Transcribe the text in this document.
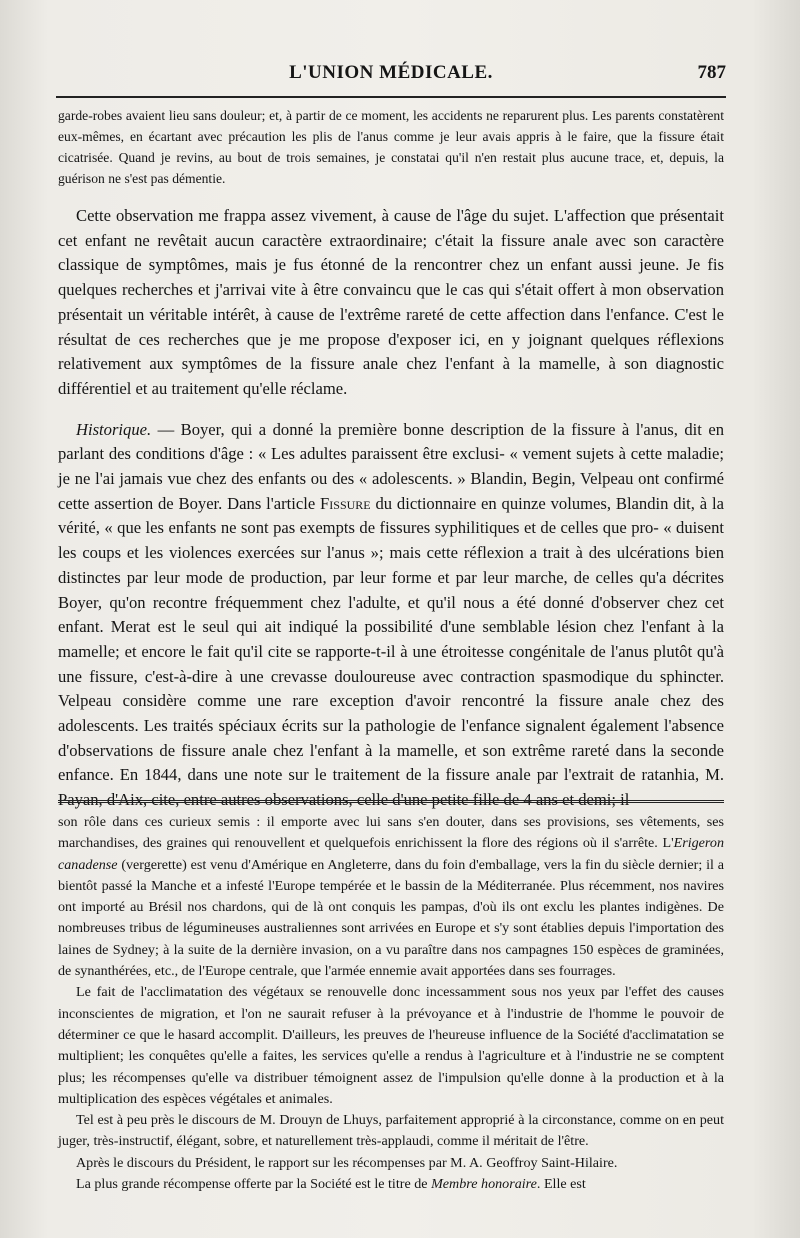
L'UNION MÉDICALE.	787

garde-robes avaient lieu sans douleur; et, à partir de ce moment, les accidents ne reparurent plus. Les parents constatèrent eux-mêmes, en écartant avec précaution les plis de l'anus comme je leur avais appris à le faire, que la fissure était cicatrisée. Quand je revins, au bout de trois semaines, je constatai qu'il n'en restait plus aucune trace, et, depuis, la guérison ne s'est pas démentie.

Cette observation me frappa assez vivement, à cause de l'âge du sujet. L'affection que présentait cet enfant ne revêtait aucun caractère extraordinaire; c'était la fissure anale avec son caractère classique de symptômes, mais je fus étonné de la rencontrer chez un enfant aussi jeune. Je fis quelques recherches et j'arrivai vite à être convaincu que le cas qui s'était offert à mon observation présentait un véritable intérêt, à cause de l'extrême rareté de cette affection dans l'enfance. C'est le résultat de ces recherches que je me propose d'exposer ici, en y joignant quelques réflexions relativement aux symptômes de la fissure anale chez l'enfant à la mamelle, à son diagnostic différentiel et au traitement qu'elle réclame.

Historique. — Boyer, qui a donné la première bonne description de la fissure à l'anus, dit en parlant des conditions d'âge : « Les adultes paraissent être exclusi- « vement sujets à cette maladie; je ne l'ai jamais vue chez des enfants ou des « adolescents. » Blandin, Begin, Velpeau ont confirmé cette assertion de Boyer. Dans l'article Fissure du dictionnaire en quinze volumes, Blandin dit, à la vérité, « que les enfants ne sont pas exempts de fissures syphilitiques et de celles que pro- « duisent les coups et les violences exercées sur l'anus »; mais cette réflexion a trait à des ulcérations bien distinctes par leur mode de production, par leur forme et par leur marche, de celles qu'a décrites Boyer, qu'on recontre fréquemment chez l'adulte, et qu'il nous a été donné d'observer chez cet enfant. Merat est le seul qui ait indiqué la possibilité d'une semblable lésion chez l'enfant à la mamelle; et encore le fait qu'il cite se rapporte-t-il à une étroitesse congénitale de l'anus plutôt qu'à une fissure, c'est-à-dire à une crevasse douloureuse avec contraction spasmodique du sphincter. Velpeau considère comme une rare exception d'avoir rencontré la fissure anale chez des adolescents. Les traités spéciaux écrits sur la pathologie de l'enfance signalent également l'absence d'observations de fissure anale chez l'enfant à la mamelle, et son extrême rareté dans la seconde enfance. En 1844, dans une note sur le traitement de la fissure anale par l'extrait de ratanhia, M. Payan, d'Aix, cite, entre autres observations, celle d'une petite fille de 4 ans et demi; il

son rôle dans ces curieux semis : il emporte avec lui sans s'en douter, dans ses provisions, ses vêtements, ses marchandises, des graines qui renouvellent et quelquefois enrichissent la flore des régions où il s'arrête. L'Erigeron canadense (vergerette) est venu d'Amérique en Angleterre, dans du foin d'emballage, vers la fin du siècle dernier; il a bientôt passé la Manche et a infesté l'Europe tempérée et le bassin de la Méditerranée. Plus récemment, nos navires ont importé au Brésil nos chardons, qui de là ont conquis les pampas, d'où ils ont exclu les plantes indigènes. De nombreuses tribus de légumineuses australiennes sont arrivées en Europe et s'y sont établies depuis l'importation des laines de Sydney; à la suite de la dernière invasion, on a vu paraître dans nos campagnes 150 espèces de graminées, de synanthérées, etc., de l'Europe centrale, que l'armée ennemie avait apportées dans ses fourrages.

Le fait de l'acclimatation des végétaux se renouvelle donc incessamment sous nos yeux par l'effet des causes inconscientes de migration, et l'on ne saurait refuser à la prévoyance et à l'industrie de l'homme le pouvoir de déterminer ce que le hasard accomplit. D'ailleurs, les preuves de l'heureuse influence de la Société d'acclimatation se multiplient; les conquêtes qu'elle a faites, les services qu'elle a rendus à l'agriculture et à l'industrie ne se comptent plus; les récompenses qu'elle va distribuer témoignent assez de l'impulsion qu'elle donne à la production et à la multiplication des espèces végétales et animales.

Tel est à peu près le discours de M. Drouyn de Lhuys, parfaitement approprié à la circonstance, comme on en peut juger, très-instructif, élégant, sobre, et naturellement très-applaudi, comme il méritait de l'être.

Après le discours du Président, le rapport sur les récompenses par M. A. Geoffroy Saint-Hilaire.

La plus grande récompense offerte par la Société est le titre de Membre honoraire. Elle est
